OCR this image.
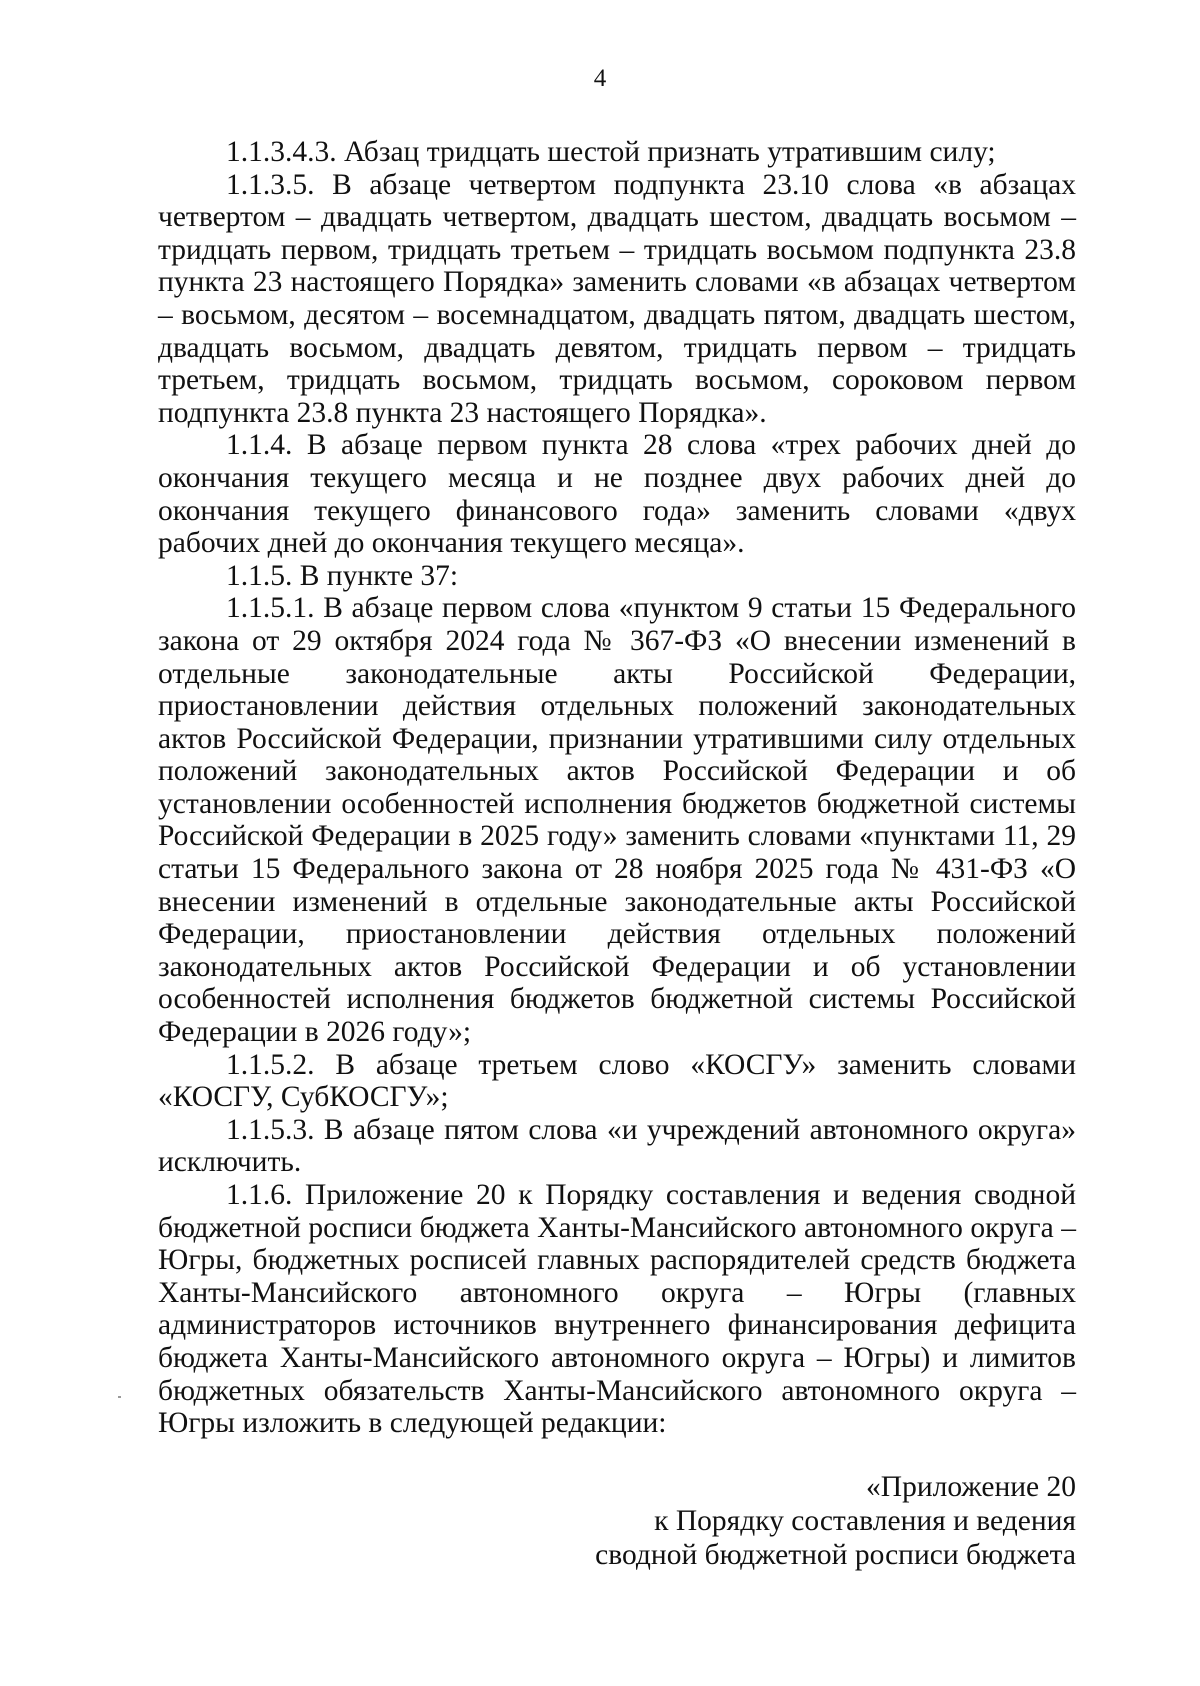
4

1.1.3.4.3. Абзац тридцать шестой признать утратившим силу;

1.1.3.5. В абзаце четвертом подпункта 23.10 слова «в абзацах четвертом – двадцать четвертом, двадцать шестом, двадцать восьмом – тридцать первом, тридцать третьем – тридцать восьмом подпункта 23.8 пункта 23 настоящего Порядка» заменить словами «в абзацах четвертом – восьмом, десятом – восемнадцатом, двадцать пятом, двадцать шестом, двадцать восьмом, двадцать девятом, тридцать первом – тридцать третьем, тридцать восьмом, тридцать восьмом, сороковом первом подпункта 23.8 пункта 23 настоящего Порядка».

1.1.4. В абзаце первом пункта 28 слова «трех рабочих дней до окончания текущего месяца и не позднее двух рабочих дней до окончания текущего финансового года» заменить словами «двух рабочих дней до окончания текущего месяца».

1.1.5. В пункте 37:

1.1.5.1. В абзаце первом слова «пунктом 9 статьи 15 Федерального закона от 29 октября 2024 года № 367-ФЗ «О внесении изменений в отдельные законодательные акты Российской Федерации, приостановлении действия отдельных положений законодательных актов Российской Федерации, признании утратившими силу отдельных положений законодательных актов Российской Федерации и об установлении особенностей исполнения бюджетов бюджетной системы Российской Федерации в 2025 году» заменить словами «пунктами 11, 29 статьи 15 Федерального закона от 28 ноября 2025 года № 431-ФЗ «О внесении изменений в отдельные законодательные акты Российской Федерации, приостановлении действия отдельных положений законодательных актов Российской Федерации и об установлении особенностей исполнения бюджетов бюджетной системы Российской Федерации в 2026 году»;

1.1.5.2. В абзаце третьем слово «КОСГУ» заменить словами «КОСГУ, СубКОСГУ»;

1.1.5.3. В абзаце пятом слова «и учреждений автономного округа» исключить.

1.1.6. Приложение 20 к Порядку составления и ведения сводной бюджетной росписи бюджета Ханты-Мансийского автономного округа – Югры, бюджетных росписей главных распорядителей средств бюджета Ханты-Мансийского автономного округа – Югры (главных администраторов источников внутреннего финансирования дефицита бюджета Ханты-Мансийского автономного округа – Югры) и лимитов бюджетных обязательств Ханты-Мансийского автономного округа – Югры изложить в следующей редакции:

«Приложение 20
к Порядку составления и ведения
сводной бюджетной росписи бюджета
